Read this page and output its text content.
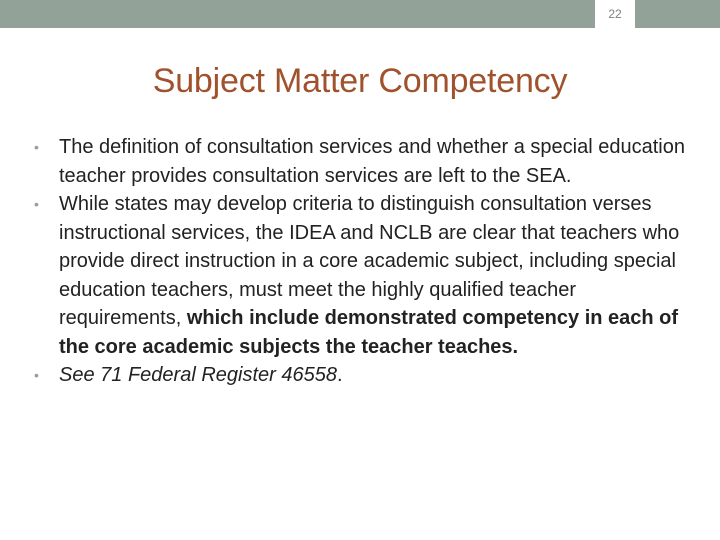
22
Subject Matter Competency
• The definition of consultation services and whether a special education teacher provides consultation services are left to the SEA.
• While states may develop criteria to distinguish consultation verses instructional services, the IDEA and NCLB are clear that teachers who provide direct instruction in a core academic subject, including special education teachers, must meet the highly qualified teacher requirements, which include demonstrated competency in each of the core academic subjects the teacher teaches.
• See 71 Federal Register 46558.
